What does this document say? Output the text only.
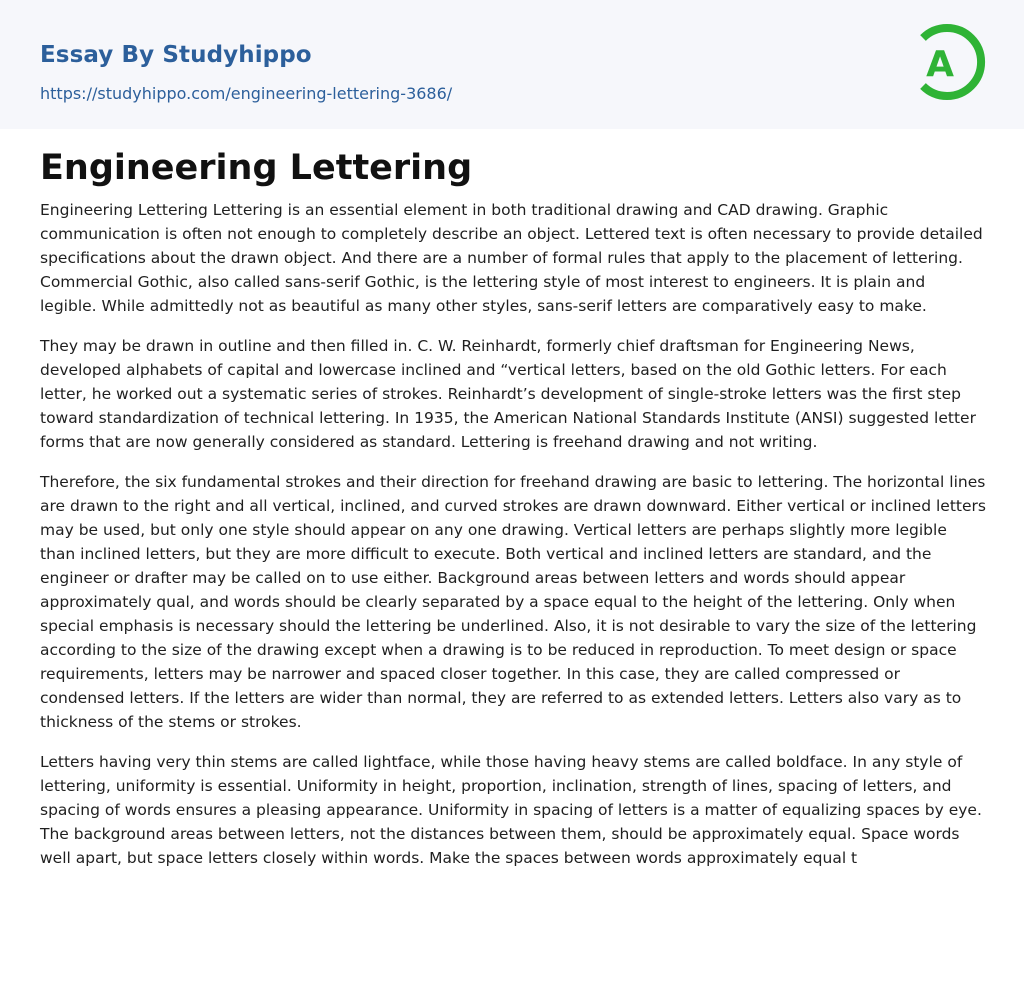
Essay By Studyhippo
https://studyhippo.com/engineering-lettering-3686/
A
Engineering Lettering

Engineering Lettering Lettering is an essential element in both traditional drawing and CAD drawing. Graphic communication is often not enough to completely describe an object. Lettered text is often necessary to provide detailed specifications about the drawn object. And there are a number of formal rules that apply to the placement of lettering. Commercial Gothic, also called sans-serif Gothic, is the lettering style of most interest to engineers. It is plain and legible. While admittedly not as beautiful as many other styles, sans-serif letters are comparatively easy to make.

They may be drawn in outline and then filled in. C. W. Reinhardt, formerly chief draftsman for Engineering News, developed alphabets of capital and lowercase inclined and “vertical letters, based on the old Gothic letters. For each letter, he worked out a systematic series of strokes. Reinhardt’s development of single-stroke letters was the first step toward standardization of technical lettering. In 1935, the American National Standards Institute (ANSI) suggested letter forms that are now generally considered as standard. Lettering is freehand drawing and not writing.

Therefore, the six fundamental strokes and their direction for freehand drawing are basic to lettering. The horizontal lines are drawn to the right and all vertical, inclined, and curved strokes are drawn downward. Either vertical or inclined letters may be used, but only one style should appear on any one drawing. Vertical letters are perhaps slightly more legible than inclined letters, but they are more difficult to execute. Both vertical and inclined letters are standard, and the engineer or drafter may be called on to use either. Background areas between letters and words should appear approximately qual, and words should be clearly separated by a space equal to the height of the lettering. Only when special emphasis is necessary should the lettering be underlined. Also, it is not desirable to vary the size of the lettering according to the size of the drawing except when a drawing is to be reduced in reproduction. To meet design or space requirements, letters may be narrower and spaced closer together. In this case, they are called compressed or condensed letters. If the letters are wider than normal, they are referred to as extended letters. Letters also vary as to thickness of the stems or strokes.

Letters having very thin stems are called lightface, while those having heavy stems are called boldface. In any style of lettering, uniformity is essential. Uniformity in height, proportion, inclination, strength of lines, spacing of letters, and spacing of words ensures a pleasing appearance. Uniformity in spacing of letters is a matter of equalizing spaces by eye. The background areas between letters, not the distances between them, should be approximately equal. Space words well apart, but space letters closely within words. Make the spaces between words approximately equal t
